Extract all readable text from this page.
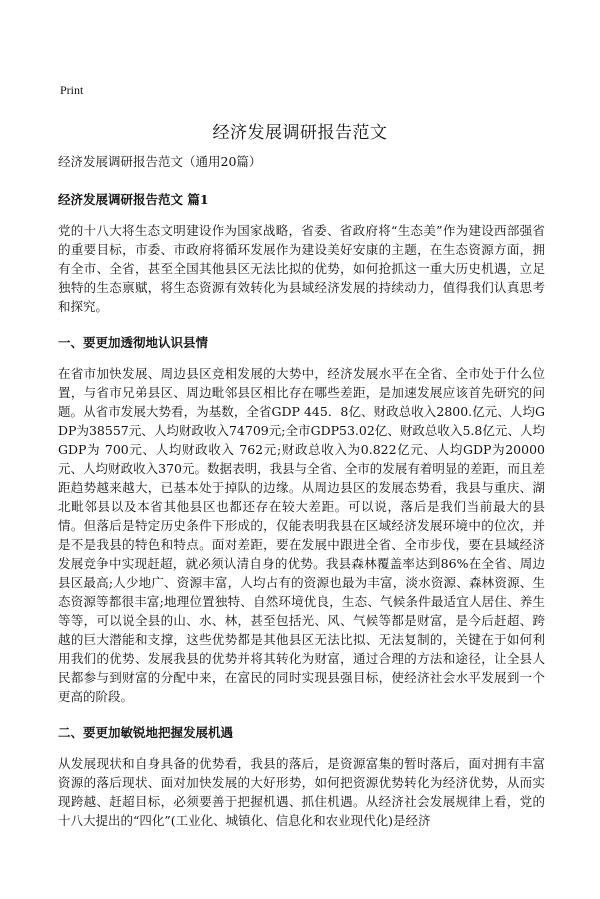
Print
经济发展调研报告范文

经济发展调研报告范文（通用20篇）

经济发展调研报告范文 篇1

党的十八大将生态文明建设作为国家战略，省委、省政府将“生态美”作为建设西部强省的重要目标，市委、市政府将循环发展作为建设美好安康的主题，在生态资源方面，拥有全市、全省，甚至全国其他县区无法比拟的优势，如何抢抓这一重大历史机遇，立足独特的生态禀赋，将生态资源有效转化为县域经济发展的持续动力，值得我们认真思考和探究。

一、要更加透彻地认识县情

在省市加快发展、周边县区竞相发展的大势中，经济发展水平在全省、全市处于什么位置，与省市兄弟县区、周边毗邻县区相比存在哪些差距，是加速发展应该首先研究的问题。从省市发展大势看，为基数，全省GDP 445．8亿、财政总收入2800.亿元、人均GDP为38557元、人均财政收入74709元;全市GDP53.02亿、财政总收入5.8亿元、人均GDP为 700元、人均财政收入 762元;财政总收入为0.822亿元、人均GDP为20000元、人均财政收入370元。数据表明，我县与全省、全市的发展有着明显的差距，而且差距趋势越来越大，已基本处于掉队的边缘。从周边县区的发展态势看，我县与重庆、湖北毗邻县以及本省其他县区也都还存在较大差距。可以说，落后是我们当前最大的县情。但落后是特定历史条件下形成的，仅能表明我县在区域经济发展环境中的位次，并是不是我县的特色和特点。面对差距，要在发展中跟进全省、全市步伐，要在县域经济发展竞争中实现赶超，就必须认清自身的优势。我县森林覆盖率达到86%在全省、周边县区最高;人少地广、资源丰富，人均占有的资源也最为丰富，淡水资源、森林资源、生态资源等都很丰富;地理位置独特、自然环境优良，生态、气候条件最适宜人居住、养生等等，可以说全县的山、水、林，甚至包括光、风、气候等都是财富，是今后赶超、跨越的巨大潜能和支撑，这些优势都是其他县区无法比拟、无法复制的，关键在于如何利用我们的优势、发展我县的优势并将其转化为财富，通过合理的方法和途径，让全县人民都参与到财富的分配中来，在富民的同时实现县强目标，使经济社会水平发展到一个更高的阶段。

二、要更加敏锐地把握发展机遇

从发展现状和自身具备的优势看，我县的落后，是资源富集的暂时落后，面对拥有丰富资源的落后现状、面对加快发展的大好形势，如何把资源优势转化为经济优势，从而实现跨越、赶超目标，必须要善于把握机遇、抓住机遇。从经济社会发展规律上看，党的十八大提出的“四化”(工业化、城镇化、信息化和农业现代化)是经济
